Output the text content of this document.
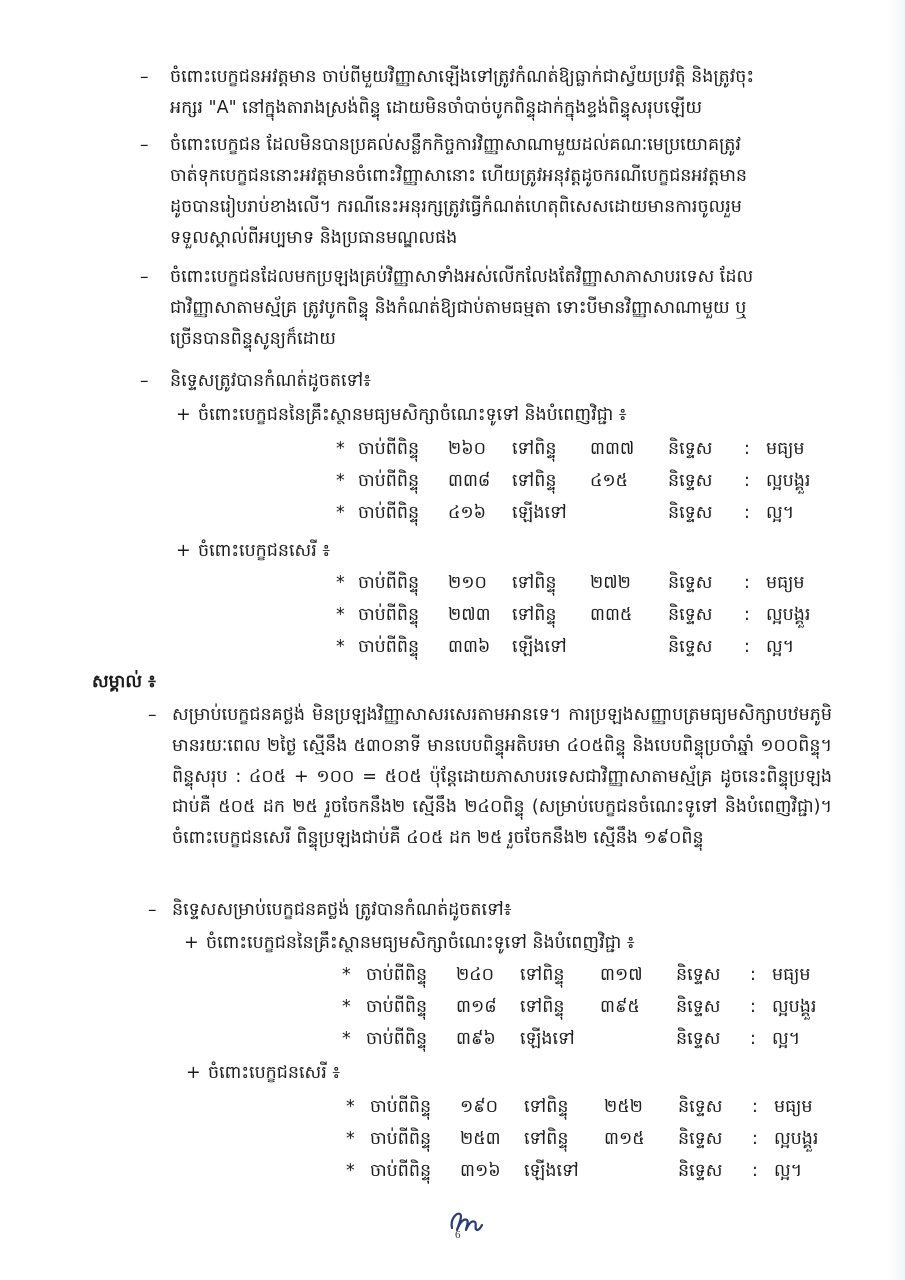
– ចំពោះបេក្ខជនអវត្តមាន ចាប់ពីមួយវិញ្ញាសាឡើងទៅត្រូវកំណត់ឱ្យធ្លាក់ជាស្វ័យប្រវត្តិ និងត្រូវចុះ
អក្សរ "A" នៅក្នុងតារាងស្រង់ពិន្ទុ ដោយមិនចាំបាច់បូកពិន្ទុដាក់ក្នុងខ្ទង់ពិន្ទុសរុបឡើយ
– ចំពោះបេក្ខជន ដែលមិនបានប្រគល់សន្លឹកកិច្ចការវិញ្ញាសាណាមួយដល់គណៈមេប្រយោគត្រូវ
ចាត់ទុកបេក្ខជននោះអវត្តមានចំពោះវិញ្ញាសានោះ ហើយត្រូវអនុវត្តដូចករណីបេក្ខជនអវត្តមាន
ដូចបានរៀបរាប់ខាងលើ។ ករណីនេះអនុរក្សត្រូវធ្វើកំណត់ហេតុពិសេសដោយមានការចូលរួម
ទទួលស្គាល់ពីអប្បមាទ និងប្រធានមណ្ឌលផង
– ចំពោះបេក្ខជនដែលមកប្រឡងគ្រប់វិញ្ញាសាទាំងអស់លើកលែងតែវិញ្ញាសាភាសាបរទេស ដែល
ជាវិញ្ញាសាតាមស្ម័គ្រ ត្រូវបូកពិន្ទុ និងកំណត់ឱ្យជាប់តាមធម្មតា ទោះបីមានវិញ្ញាសាណាមួយ ឬ
ច្រើនបានពិន្ទុសូន្យក៏ដោយ
– និទ្ទេសត្រូវបានកំណត់ដូចតទៅ៖
+ ចំពោះបេក្ខជននៃគ្រឹះស្ថានមធ្យមសិក្សាចំណេះទូទៅ និងបំពេញវិជ្ជា ៖
* ចាប់ពីពិន្ទុ ២៦០ ទៅពិន្ទុ ៣៣៧ និទ្ទេស : មធ្យម
* ចាប់ពីពិន្ទុ ៣៣៨ ទៅពិន្ទុ ៤១៥ និទ្ទេស : ល្អបង្គួរ
* ចាប់ពីពិន្ទុ ៤១៦ ឡើងទៅ	និទ្ទេស : ល្អ។
+ ចំពោះបេក្ខជនសេរី ៖
* ចាប់ពីពិន្ទុ ២១០ ទៅពិន្ទុ ២៧២ និទ្ទេស : មធ្យម
* ចាប់ពីពិន្ទុ ២៧៣ ទៅពិន្ទុ ៣៣៥ និទ្ទេស : ល្អបង្គួរ
* ចាប់ពីពិន្ទុ ៣៣៦ ឡើងទៅ	និទ្ទេស : ល្អ។
សម្គាល់ ៖
– សម្រាប់បេក្ខជនគថ្លង់ មិនប្រឡងវិញ្ញាសាសរសេរតាមអានទេ។ ការប្រឡងសញ្ញាបត្រមធ្យមសិក្សាបឋមភូមិ មានរយៈពេល ២ថ្ងៃ ស្មើនឹង ៥៣០នាទី មានបេបពិន្ទុអតិបរមា ៤០៥ពិន្ទុ និងបេបពិន្ទុប្រចាំឆ្នាំ ១០០ពិន្ទុ។ ពិន្ទុសរុប : ៤០៥ + ១០០ = ៥០៥ ប៉ុន្តែដោយភាសាបរទេសជាវិញ្ញាសាតាមស្ម័គ្រ ដូចនេះពិន្ទុប្រឡងជាប់គឺ ៥០៥ ដក ២៥ រួចចែកនឹង២ ស្មើនឹង ២៤០ពិន្ទុ (សម្រាប់បេក្ខជនចំណេះទូទៅ និងបំពេញវិជ្ជា)។ ចំពោះបេក្ខជនសេរី ពិន្ទុប្រឡងជាប់គឺ ៤០៥ ដក ២៥ រួចចែកនឹង២ ស្មើនឹង ១៩០ពិន្ទុ
– និទ្ទេសសម្រាប់បេក្ខជនគថ្លង់ ត្រូវបានកំណត់ដូចតទៅ៖
+ ចំពោះបេក្ខជននៃគ្រឹះស្ថានមធ្យមសិក្សាចំណេះទូទៅ និងបំពេញវិជ្ជា ៖
* ចាប់ពីពិន្ទុ ២៤០ ទៅពិន្ទុ ៣១៧ និទ្ទេស : មធ្យម
* ចាប់ពីពិន្ទុ ៣១៨ ទៅពិន្ទុ ៣៩៥ និទ្ទេស : ល្អបង្គួរ
* ចាប់ពីពិន្ទុ ៣៩៦ ឡើងទៅ	និទ្ទេស : ល្អ។
+ ចំពោះបេក្ខជនសេរី ៖
* ចាប់ពីពិន្ទុ ១៩០ ទៅពិន្ទុ ២៥២ និទ្ទេស : មធ្យម
* ចាប់ពីពិន្ទុ ២៥៣ ទៅពិន្ទុ ៣១៥ និទ្ទេស : ល្អបង្គួរ
* ចាប់ពីពិន្ទុ ៣១៦ ឡើងទៅ	និទ្ទេស : ល្អ។
6
